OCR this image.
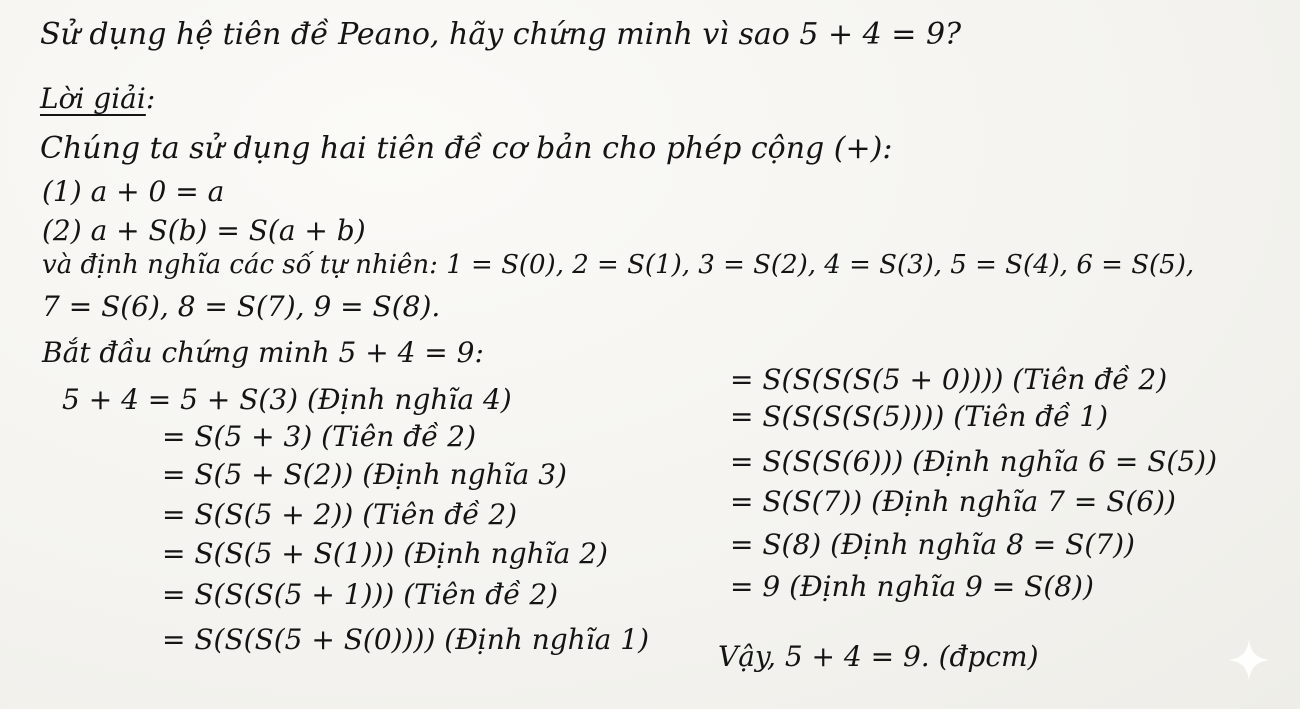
Sử dụng hệ tiên đề Peano, hãy chứng minh vì sao 5 + 4 = 9?
Lời giải:
Chúng ta sử dụng hai tiên đề cơ bản cho phép cộng (+):
(1) a + 0 = a
(2) a + S(b) = S(a + b)
và định nghĩa các số tự nhiên: 1 = S(0), 2 = S(1), 3 = S(2), 4 = S(3), 5 = S(4), 6 = S(5),
7 = S(6), 8 = S(7), 9 = S(8).
Bắt đầu chứng minh 5 + 4 = 9:
5 + 4 = 5 + S(3) (Định nghĩa 4)
= S(5 + 3) (Tiên đề 2)
= S(5 + S(2)) (Định nghĩa 3)
= S(S(5 + 2)) (Tiên đề 2)
= S(S(5 + S(1))) (Định nghĩa 2)
= S(S(S(5 + 1))) (Tiên đề 2)
= S(S(S(5 + S(0)))) (Định nghĩa 1)
= S(S(S(S(5 + 0)))) (Tiên đề 2)
= S(S(S(S(5)))) (Tiên đề 1)
= S(S(S(6))) (Định nghĩa 6 = S(5))
= S(S(7)) (Định nghĩa 7 = S(6))
= S(8) (Định nghĩa 8 = S(7))
= 9 (Định nghĩa 9 = S(8))
Vậy, 5 + 4 = 9. (đpcm)
